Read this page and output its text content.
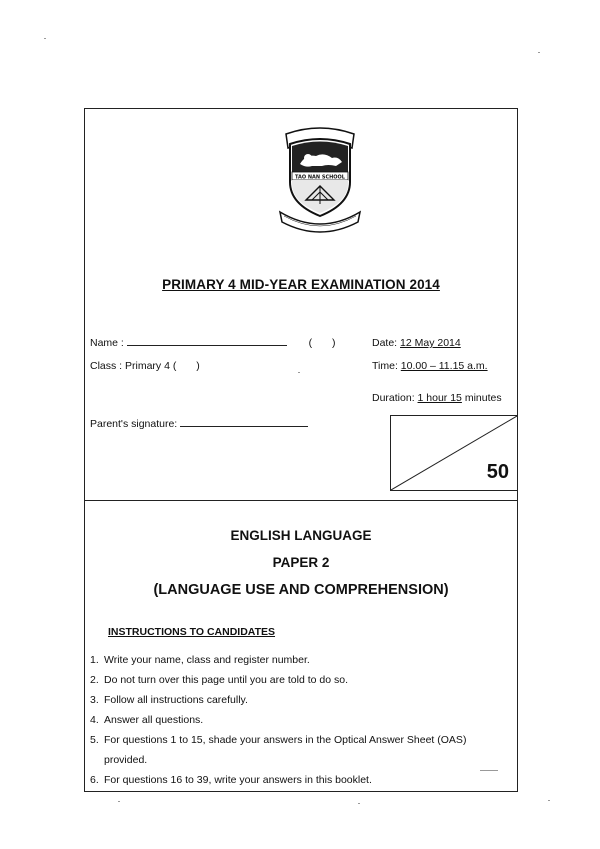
TAO NAN SCHOOL
PRIMARY 4 MID-YEAR EXAMINATION 2014
Name :	( )
Class : Primary 4 ( )
Date: 12 May 2014
Time: 10.00 – 11.15 a.m.
Duration: 1 hour 15 minutes
Parent's signature:
50
ENGLISH LANGUAGE
PAPER 2
(LANGUAGE USE AND COMPREHENSION)
INSTRUCTIONS TO CANDIDATES
1. Write your name, class and register number.
2. Do not turn over this page until you are told to do so.
3. Follow all instructions carefully.
4. Answer all questions.
5. For questions 1 to 15, shade your answers in the Optical Answer Sheet (OAS)
provided.
6. For questions 16 to 39, write your answers in this booklet.
